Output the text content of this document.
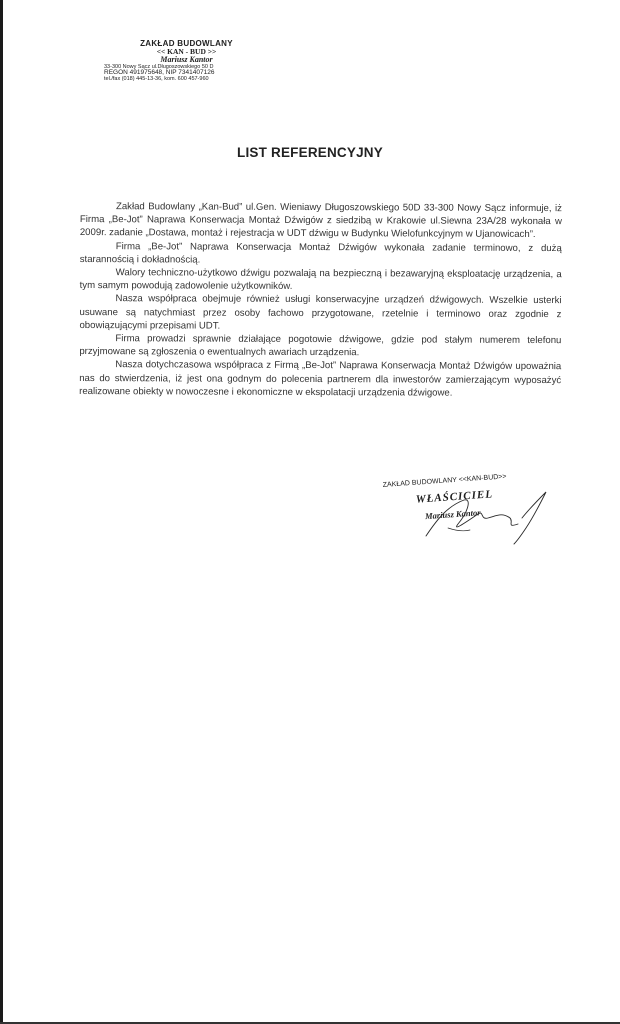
ZAKŁAD BUDOWLANY
<< KAN - BUD >>
Mariusz Kantor
33-300 Nowy Sącz ul.Długoszowskiego 50 D
REGON 491975648, NIP 7341407126
tel./fax (018) 445-13-36, kom. 600 457-960
LIST REFERENCYJNY

Zakład Budowlany „Kan-Bud” ul.Gen. Wieniawy Długoszowskiego 50D 33-300 Nowy Sącz informuje, iż Firma „Be-Jot” Naprawa Konserwacja Montaż Dźwigów z siedzibą w Krakowie ul.Siewna 23A/28 wykonała w 2009r. zadanie „Dostawa, montaż i rejestracja w UDT dźwigu w Budynku Wielofunkcyjnym w Ujanowicach”.

Firma „Be-Jot” Naprawa Konserwacja Montaż Dźwigów wykonała zadanie terminowo, z dużą starannością i dokładnością.

Walory techniczno-użytkowo dźwigu pozwalają na bezpieczną i bezawaryjną eksploatację urządzenia, a tym samym powodują zadowolenie użytkowników.

Nasza współpraca obejmuje również usługi konserwacyjne urządzeń dźwigowych. Wszelkie usterki usuwane są natychmiast przez osoby fachowo przygotowane, rzetelnie i terminowo oraz zgodnie z obowiązującymi przepisami UDT.

Firma prowadzi sprawnie działające pogotowie dźwigowe, gdzie pod stałym numerem telefonu przyjmowane są zgłoszenia o ewentualnych awariach urządzenia.

Nasza dotychczasowa współpraca z Firmą „Be-Jot” Naprawa Konserwacja Montaż Dźwigów upoważnia nas do stwierdzenia, iż jest ona godnym do polecenia partnerem dla inwestorów zamierzającym wyposażyć realizowane obiekty w nowoczesne i ekonomiczne w ekspolatacji urządzenia dźwigowe.

ZAKŁAD BUDOWLANY <<KAN-BUD>>
WŁAŚCICIEL
Mariusz Kantor
